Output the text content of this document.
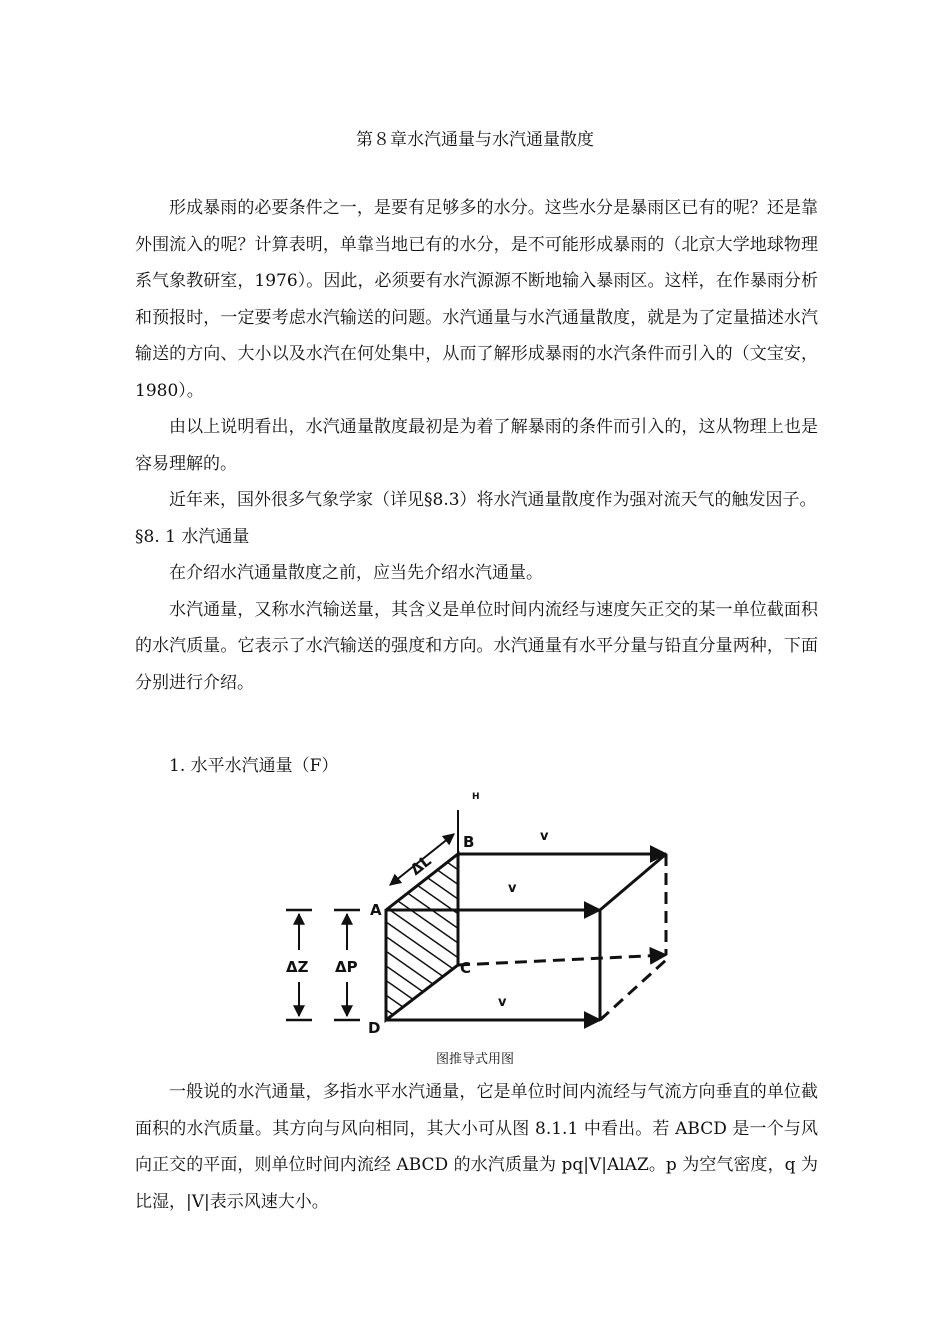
第８章水汽通量与水汽通量散度

形成暴雨的必要条件之一，是要有足够多的水分。这些水分是暴雨区已有的呢？还是靠外围流入的呢？计算表明，单靠当地已有的水分，是不可能形成暴雨的（北京大学地球物理系气象教研室，1976）。因此，必须要有水汽源源不断地输入暴雨区。这样，在作暴雨分析和预报时，一定要考虑水汽输送的问题。水汽通量与水汽通量散度，就是为了定量描述水汽输送的方向、大小以及水汽在何处集中，从而了解形成暴雨的水汽条件而引入的（文宝安，1980）。

由以上说明看出，水汽通量散度最初是为着了解暴雨的条件而引入的，这从物理上也是容易理解的。

近年来，国外很多气象学家（详见§8.3）将水汽通量散度作为强对流天气的触发因子。

§8. 1 水汽通量

在介绍水汽通量散度之前，应当先介绍水汽通量。

水汽通量，又称水汽输送量，其含义是单位时间内流经与速度矢正交的某一单位截面积的水汽质量。它表示了水汽输送的强度和方向。水汽通量有水平分量与铅直分量两种，下面分别进行介绍。

1. 水平水汽通量（F）

H
B
A
C
D
ΔL
ΔZ ΔP
v
v
v
图推导式用图

一般说的水汽通量，多指水平水汽通量，它是单位时间内流经与气流方向垂直的单位截面积的水汽质量。其方向与风向相同，其大小可从图 8.1.1 中看出。若 ABCD 是一个与风向正交的平面，则单位时间内流经 ABCD 的水汽质量为 pq|V|AlAZ。p 为空气密度，q 为比湿，|V|表示风速大小。
